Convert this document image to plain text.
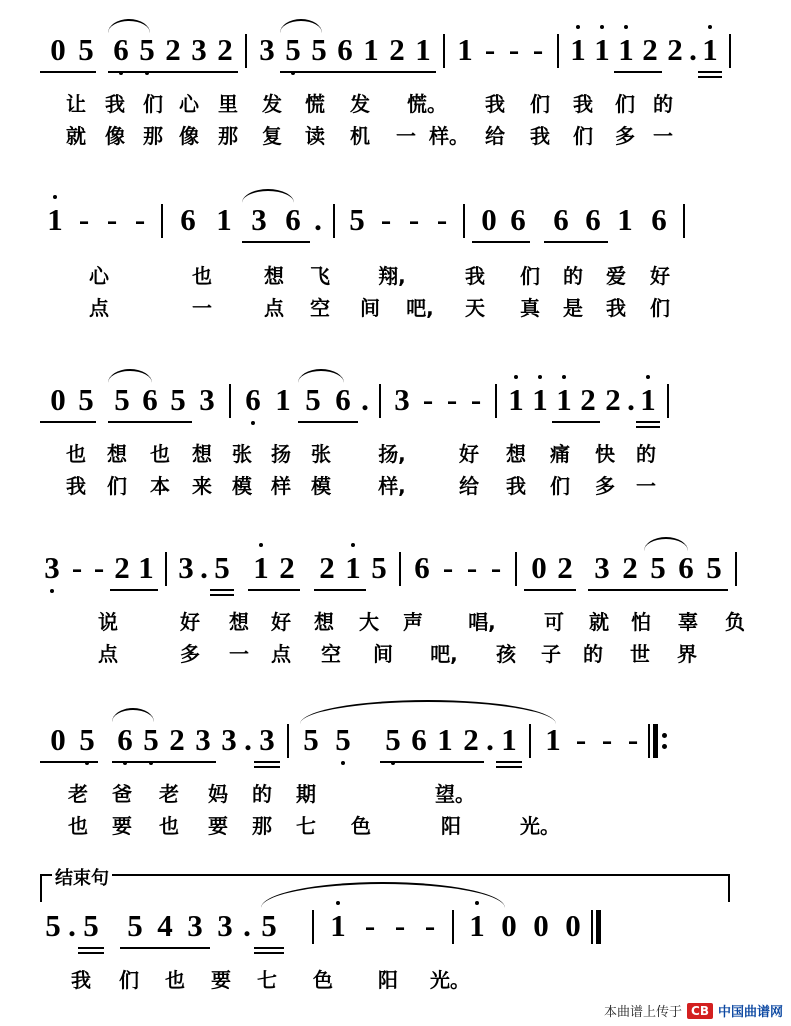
0 5 6 5 2 3 2 3 5 5 6 1 2 1 1 - - - 1 1 1 2 2 . 1
让 我 们 心 里	发	慌	发	慌。	我	们	我	们 的
就 像 那 像 那	复	读	机	一 样。 给	我	们	多 一
1 - - -	6 1 3 6 . 5 - - - 0 6 6 6 1 6
心	也	想	飞	翔,	我	们	的	爱	好
点	一	点	空	间	吧,	天	真	是	我	们
0 5 5 6 5 3 6 1 5 6 . 3 - - - 1 1 1 2 2 . 1
也	想	也	想	张 扬	张	扬,	好	想	痛	快	的
我	们	本	来	模 样	模	样,	给	我	们	多	一
3 - - 2 1 3 . 5 1 2 2 1 5 6 - - - 0 2 3 2 5 6 5
说	好	想	好	想	大	声	唱,	可	就	怕	辜	负
点	多	一	点	空	间	吧,	孩	子	的	世	界
0 5 6 5 2 3 3 . 3 5 5 5 6 1 2 . 1 1 - - -
老	爸	老	妈	的	期	望。
也	要	也	要	那	七	色	阳	光。
结束句
5 . 5 5 4 3 3 . 5 1 - - -	1 0 0 0
我	们	也	要	七	色	阳	光。
本曲谱上传于 CB 中国曲谱网
